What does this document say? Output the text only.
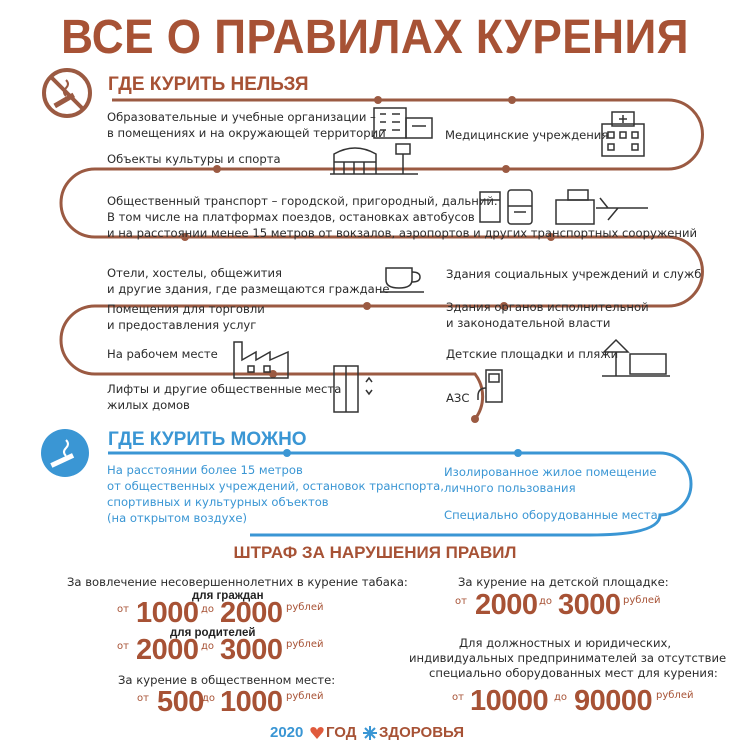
ВСЕ О ПРАВИЛАХ КУРЕНИЯ
ГДЕ КУРИТЬ НЕЛЬЗЯ
Образовательные и учебные организации –
в помещениях и на окружающей территории	Медицинские учреждения
Объекты культуры и спорта
Общественный транспорт – городской, пригородный, дальний.
В том числе на платформах поездов, остановках автобусов
и на расстоянии менее 15 метров от вокзалов, аэропортов и других транспортных сооружений
Отели, хостелы, общежития
и другие здания, где размещаются граждане
Здания социальных учреждений и служб
Помещения для торговли
и предоставления услуг
Здания органов исполнительной
и законодательной власти
На рабочем месте	Детские площадки и пляжи
Лифты и другие общественные места
жилых домов	АЗС
ГДЕ КУРИТЬ МОЖНО
На расстоянии более 15 метров
от общественных учреждений, остановок транспорта,
спортивных и культурных объектов
(на открытом воздухе)
Изолированное жилое помещение
личного пользования
Специально оборудованные места
ШТРАФ ЗА НАРУШЕНИЯ ПРАВИЛ
За вовлечение несовершеннолетних в курение табака:
для граждан
от 1000 до 2000 рублей
для родителей
от 2000 до 3000 рублей
За курение в общественном месте:
от 500
до 1000 рублей
За курение на детской площадке:
от 2000 до 3000 рублей
Для должностных и юридических,
индивидуальных предпринимателей за отсутствие
специально оборудованных мест для курения:
от 10000 до 90000 рублей
2020 ГОД ЗДОРОВЬЯ
